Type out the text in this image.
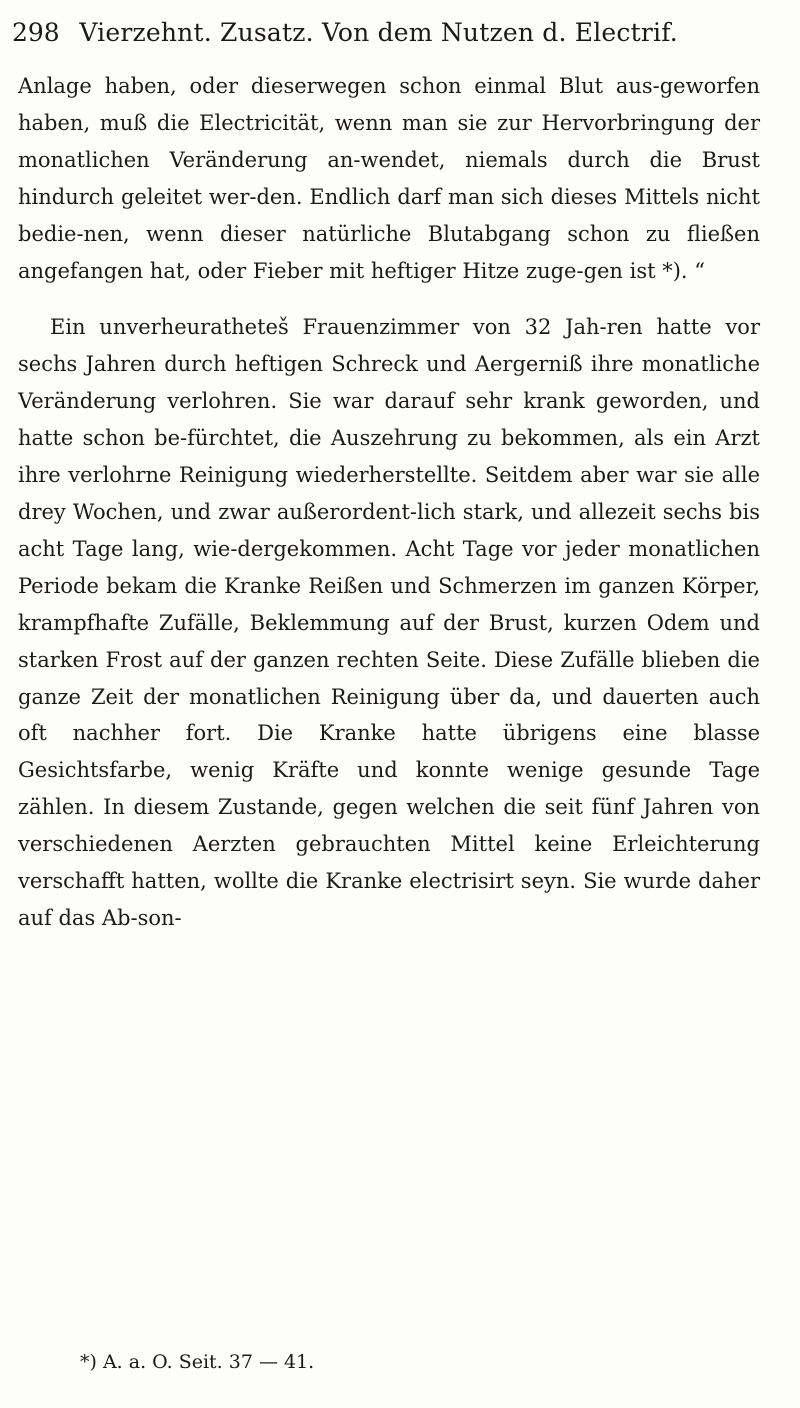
298 Vierzehnt. Zusatz. Von dem Nutzen d. Electrif.

Anlage haben, oder dieserwegen schon einmal Blut aus-geworfen haben, muß die Electricität, wenn man sie zur Hervorbringung der monatlichen Veränderung an-wendet, niemals durch die Brust hindurch geleitet wer-den. Endlich darf man sich dieses Mittels nicht bedie-nen, wenn dieser natürliche Blutabgang schon zu fließen angefangen hat, oder Fieber mit heftiger Hitze zuge-gen ist *). “

Ein unverheuratheteš Frauenzimmer von 32 Jah-ren hatte vor sechs Jahren durch heftigen Schreck und Aergerniß ihre monatliche Veränderung verlohren. Sie war darauf sehr krank geworden, und hatte schon be-fürchtet, die Auszehrung zu bekommen, als ein Arzt ihre verlohrne Reinigung wiederherstellte. Seitdem aber war sie alle drey Wochen, und zwar außerordent-lich stark, und allezeit sechs bis acht Tage lang, wie-dergekommen. Acht Tage vor jeder monatlichen Periode bekam die Kranke Reißen und Schmerzen im ganzen Körper, krampfhafte Zufälle, Beklemmung auf der Brust, kurzen Odem und starken Frost auf der ganzen rechten Seite. Diese Zufälle blieben die ganze Zeit der monatlichen Reinigung über da, und dauerten auch oft nachher fort. Die Kranke hatte übrigens eine blasse Gesichtsfarbe, wenig Kräfte und konnte wenige gesunde Tage zählen. In diesem Zustande, gegen welchen die seit fünf Jahren von verschiedenen Aerzten gebrauchten Mittel keine Erleichterung verschafft hatten, wollte die Kranke electrisirt seyn. Sie wurde daher auf das Ab-son-

*) A. a. O. Seit. 37 — 41.
